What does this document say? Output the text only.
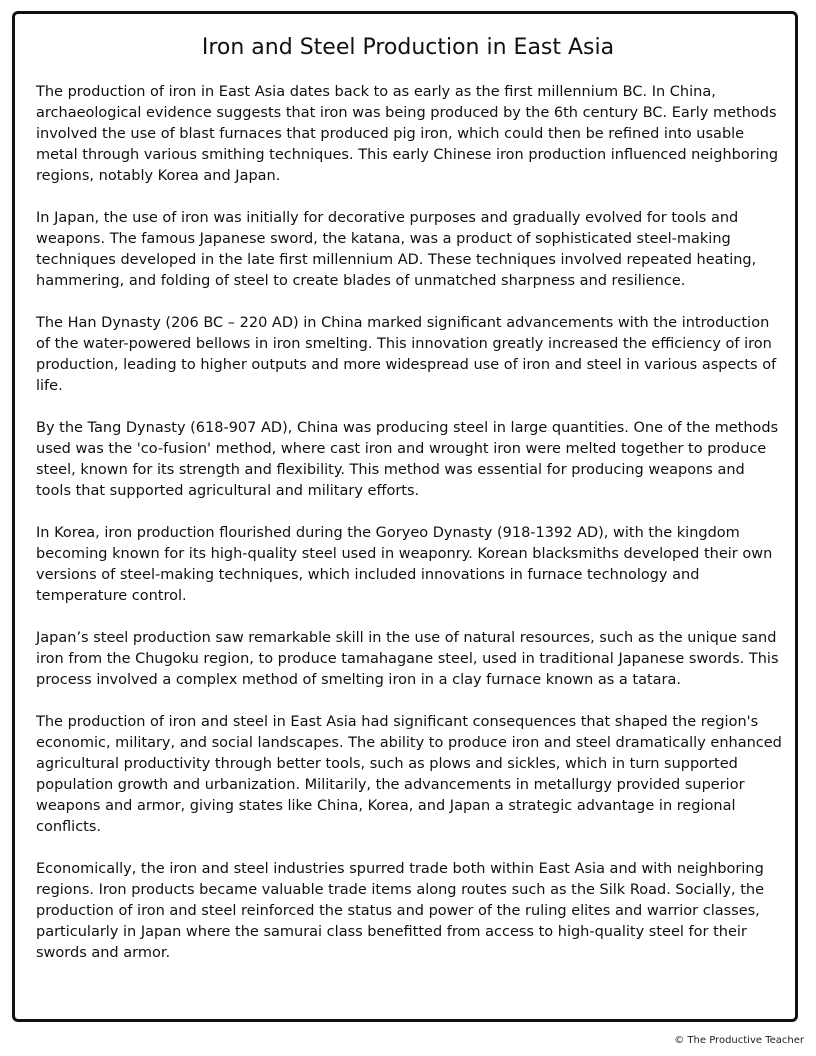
Iron and Steel Production in East Asia

The production of iron in East Asia dates back to as early as the first millennium BC. In China, archaeological evidence suggests that iron was being produced by the 6th century BC. Early methods involved the use of blast furnaces that produced pig iron, which could then be refined into usable metal through various smithing techniques. This early Chinese iron production influenced neighboring regions, notably Korea and Japan.

In Japan, the use of iron was initially for decorative purposes and gradually evolved for tools and weapons. The famous Japanese sword, the katana, was a product of sophisticated steel-making techniques developed in the late first millennium AD. These techniques involved repeated heating, hammering, and folding of steel to create blades of unmatched sharpness and resilience.

The Han Dynasty (206 BC – 220 AD) in China marked significant advancements with the introduction of the water-powered bellows in iron smelting. This innovation greatly increased the efficiency of iron production, leading to higher outputs and more widespread use of iron and steel in various aspects of life.

By the Tang Dynasty (618-907 AD), China was producing steel in large quantities. One of the methods used was the 'co-fusion' method, where cast iron and wrought iron were melted together to produce steel, known for its strength and flexibility. This method was essential for producing weapons and tools that supported agricultural and military efforts.

In Korea, iron production flourished during the Goryeo Dynasty (918-1392 AD), with the kingdom becoming known for its high-quality steel used in weaponry. Korean blacksmiths developed their own versions of steel-making techniques, which included innovations in furnace technology and temperature control.

Japan’s steel production saw remarkable skill in the use of natural resources, such as the unique sand iron from the Chugoku region, to produce tamahagane steel, used in traditional Japanese swords. This process involved a complex method of smelting iron in a clay furnace known as a tatara.

The production of iron and steel in East Asia had significant consequences that shaped the region's economic, military, and social landscapes. The ability to produce iron and steel dramatically enhanced agricultural productivity through better tools, such as plows and sickles, which in turn supported population growth and urbanization. Militarily, the advancements in metallurgy provided superior weapons and armor, giving states like China, Korea, and Japan a strategic advantage in regional conflicts.

Economically, the iron and steel industries spurred trade both within East Asia and with neighboring regions. Iron products became valuable trade items along routes such as the Silk Road. Socially, the production of iron and steel reinforced the status and power of the ruling elites and warrior classes, particularly in Japan where the samurai class benefitted from access to high-quality steel for their swords and armor.

© The Productive Teacher
